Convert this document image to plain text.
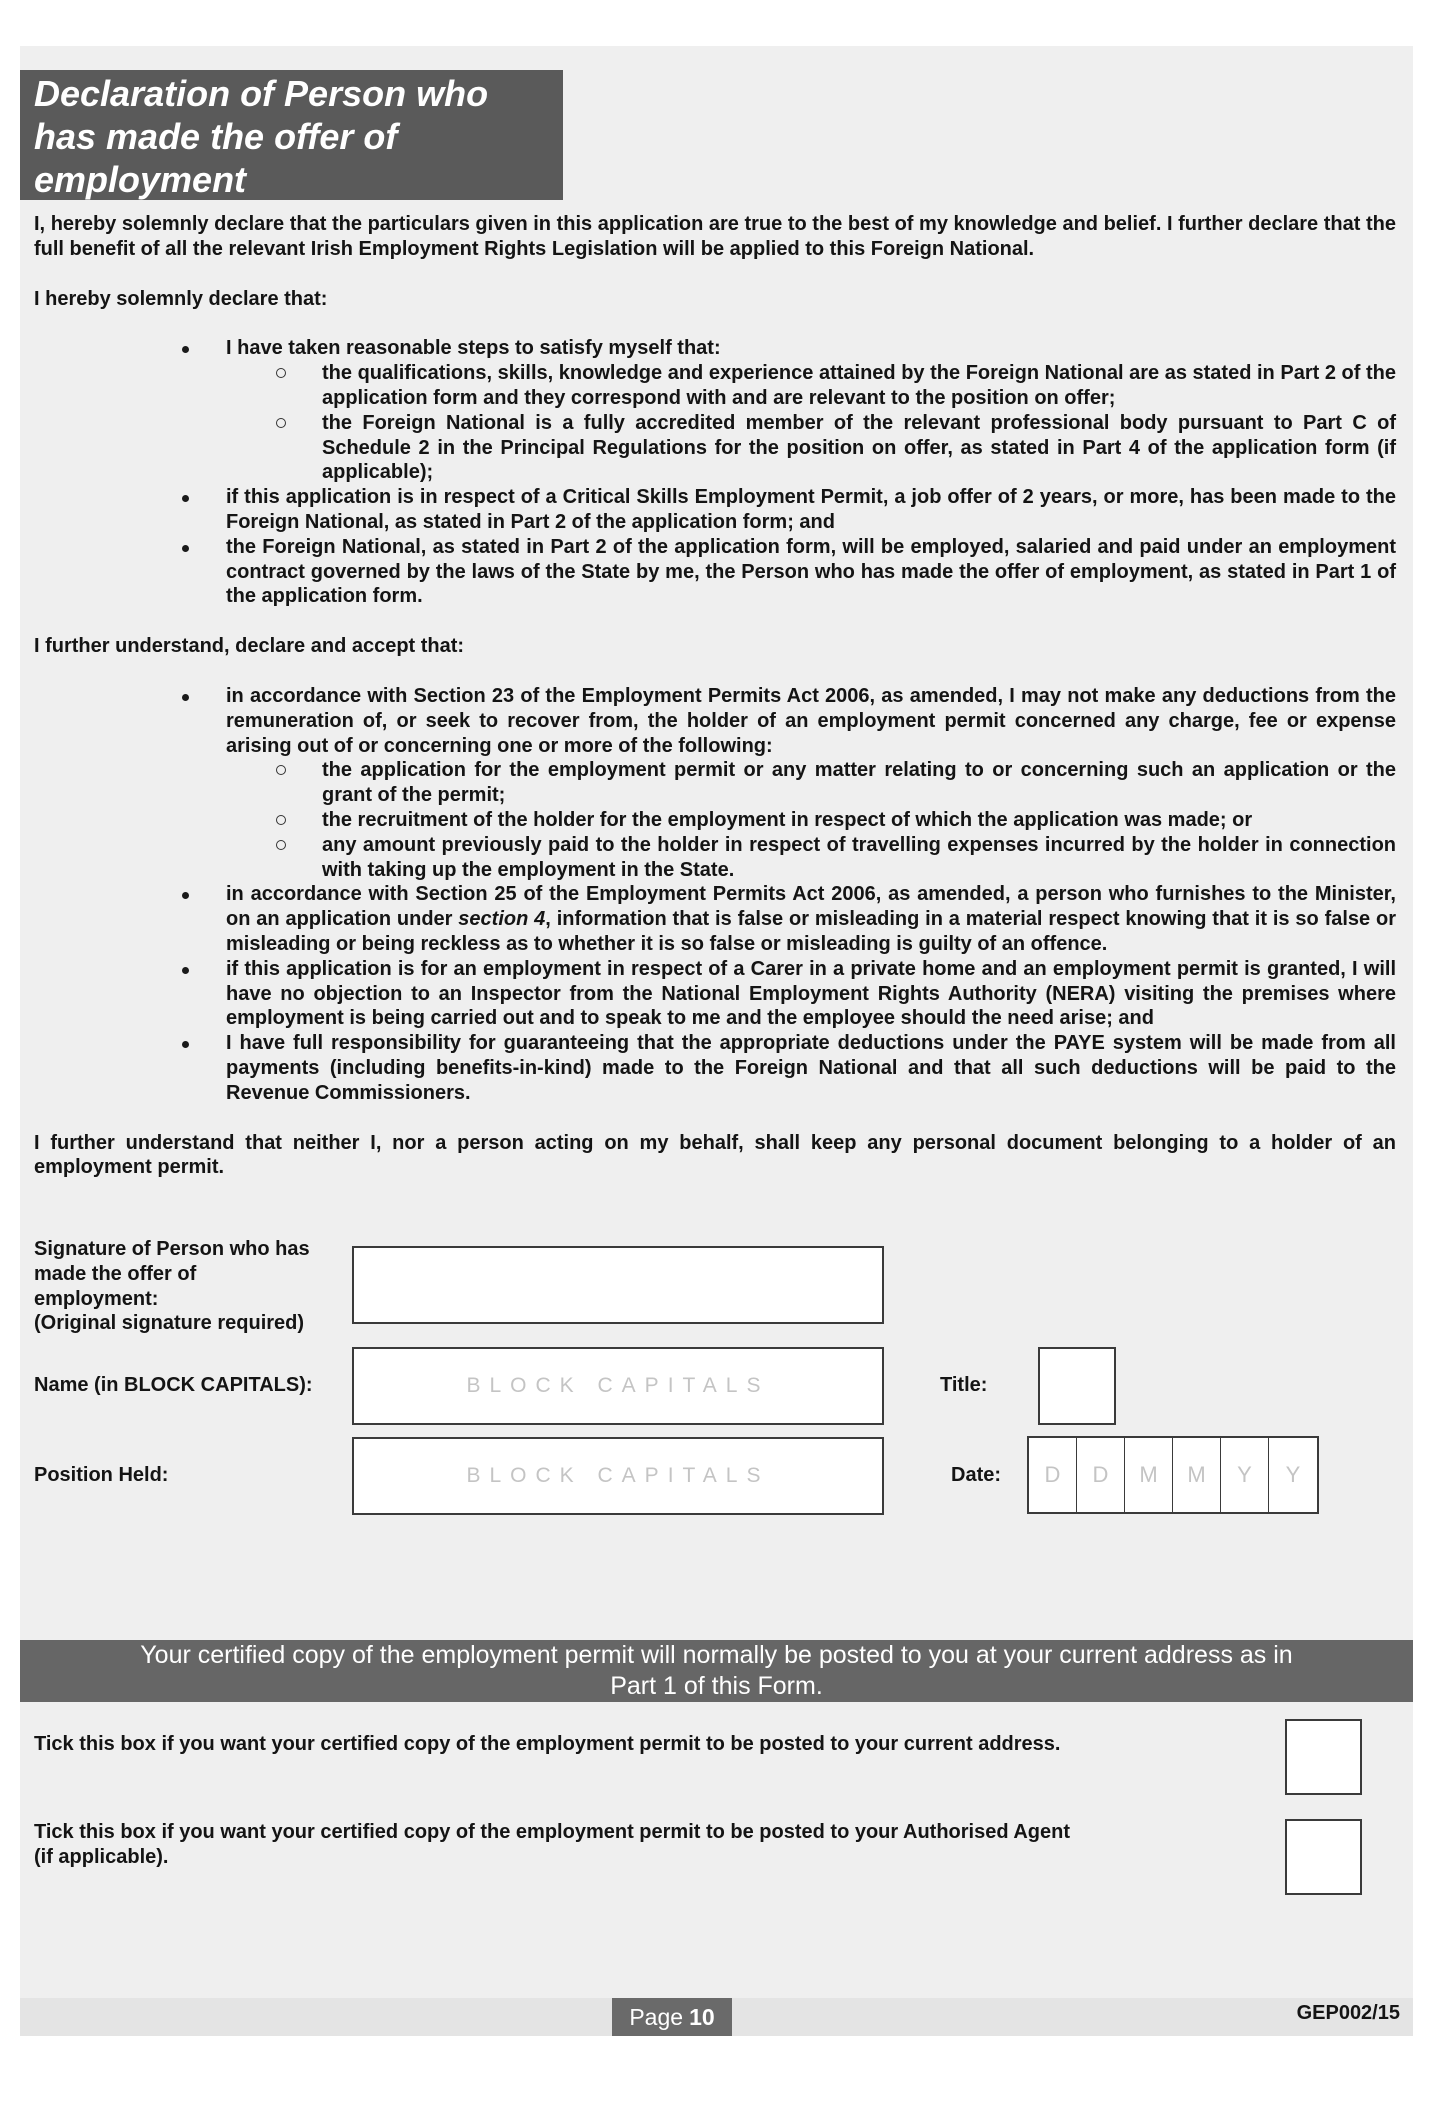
Declaration of Person who
has made the offer of
employment

I, hereby solemnly declare that the particulars given in this application are true to the best of my knowledge and belief. I further declare that the full benefit of all the relevant Irish Employment Rights Legislation will be applied to this Foreign National.

I hereby solemnly declare that:

I have taken reasonable steps to satisfy myself that:
the qualifications, skills, knowledge and experience attained by the Foreign National are as stated in Part 2 of the application form and they correspond with and are relevant to the position on offer;
the Foreign National is a fully accredited member of the relevant professional body pursuant to Part C of Schedule 2 in the Principal Regulations for the position on offer, as stated in Part 4 of the application form (if applicable);
if this application is in respect of a Critical Skills Employment Permit, a job offer of 2 years, or more, has been made to the Foreign National, as stated in Part 2 of the application form; and
the Foreign National, as stated in Part 2 of the application form, will be employed, salaried and paid under an employment contract governed by the laws of the State by me, the Person who has made the offer of employment, as stated in Part 1 of the application form.

I further understand, declare and accept that:

in accordance with Section 23 of the Employment Permits Act 2006, as amended, I may not make any deductions from the remuneration of, or seek to recover from, the holder of an employment permit concerned any charge, fee or expense arising out of or concerning one or more of the following:
the application for the employment permit or any matter relating to or concerning such an application or the grant of the permit;
the recruitment of the holder for the employment in respect of which the application was made; or
any amount previously paid to the holder in respect of travelling expenses incurred by the holder in connection with taking up the employment in the State.
in accordance with Section 25 of the Employment Permits Act 2006, as amended, a person who furnishes to the Minister, on an application under section 4, information that is false or misleading in a material respect knowing that it is so false or misleading or being reckless as to whether it is so false or misleading is guilty of an offence.
if this application is for an employment in respect of a Carer in a private home and an employment permit is granted, I will have no objection to an Inspector from the National Employment Rights Authority (NERA) visiting the premises where employment is being carried out and to speak to me and the employee should the need arise; and
I have full responsibility for guaranteeing that the appropriate deductions under the PAYE system will be made from all payments (including benefits-in-kind) made to the Foreign National and that all such deductions will be paid to the Revenue Commissioners.

I further understand that neither I, nor a person acting on my behalf, shall keep any personal document belonging to a holder of an employment permit.

Signature of Person who has
made the offer of
employment:
(Original signature required)
Name (in BLOCK CAPITALS):	BLOCK CAPITALS	Title:
Position Held:	BLOCK CAPITALS	Date:	D	D	M	M	Y	Y
Your certified copy of the employment permit will normally be posted to you at your current address as in
Part 1 of this Form.
Tick this box if you want your certified copy of the employment permit to be posted to your current address.
Tick this box if you want your certified copy of the employment permit to be posted to your Authorised Agent
(if applicable).
Page 10	GEP002/15
